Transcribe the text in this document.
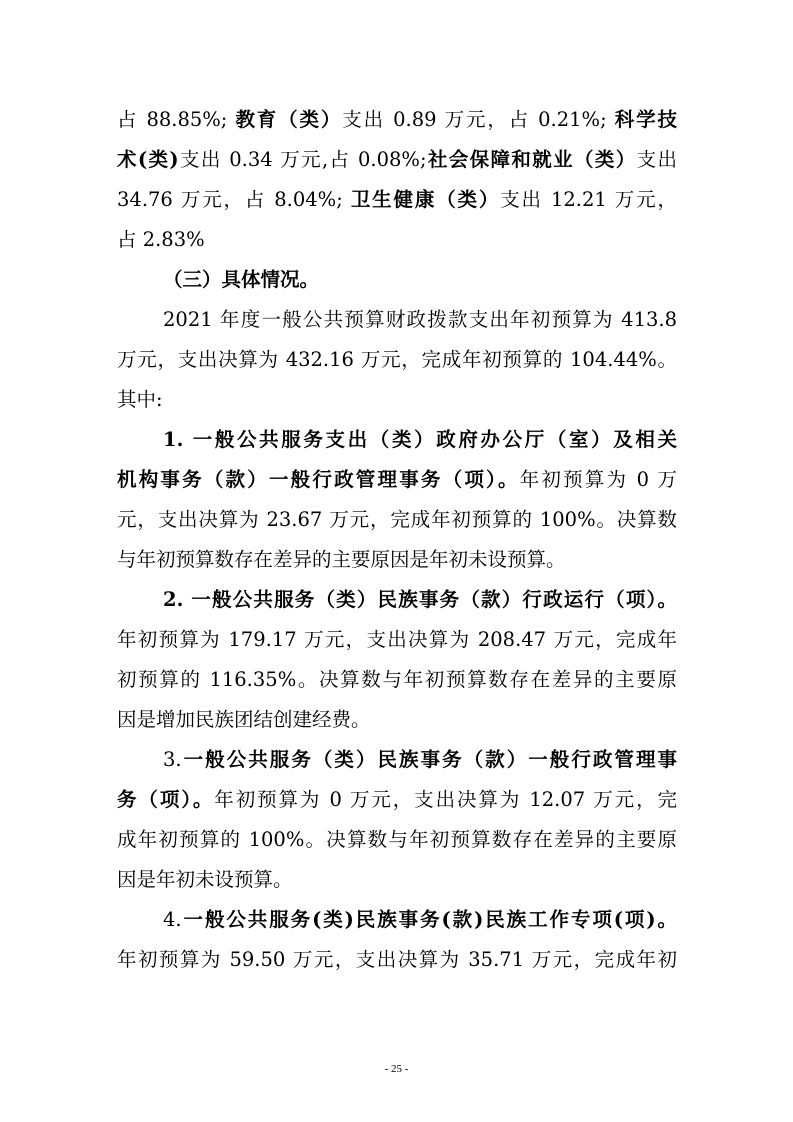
占 88.85%; 教育（类）支出 0.89 万元，占 0.21%; 科学技
术(类)支出 0.34 万元,占 0.08%;社会保障和就业（类）支出
34.76 万元，占 8.04%; 卫生健康（类）支出 12.21 万元，
占 2.83%
（三）具体情况。
2021 年度一般公共预算财政拨款支出年初预算为 413.8
万元，支出决算为 432.16 万元，完成年初预算的 104.44%。
其中:
1. 一般公共服务支出（类）政府办公厅（室）及相关
机构事务（款）一般行政管理事务（项）。年初预算为 0 万
元，支出决算为 23.67 万元，完成年初预算的 100%。决算数
与年初预算数存在差异的主要原因是年初未设预算。
2. 一般公共服务（类）民族事务（款）行政运行（项）。
年初预算为 179.17 万元，支出决算为 208.47 万元，完成年
初预算的 116.35%。决算数与年初预算数存在差异的主要原
因是增加民族团结创建经费。
3.一般公共服务（类）民族事务（款）一般行政管理事
务（项）。年初预算为 0 万元，支出决算为 12.07 万元，完
成年初预算的 100%。决算数与年初预算数存在差异的主要原
因是年初未设预算。
4.一般公共服务(类)民族事务(款)民族工作专项(项)。
年初预算为 59.50 万元，支出决算为 35.71 万元，完成年初
- 25 -
